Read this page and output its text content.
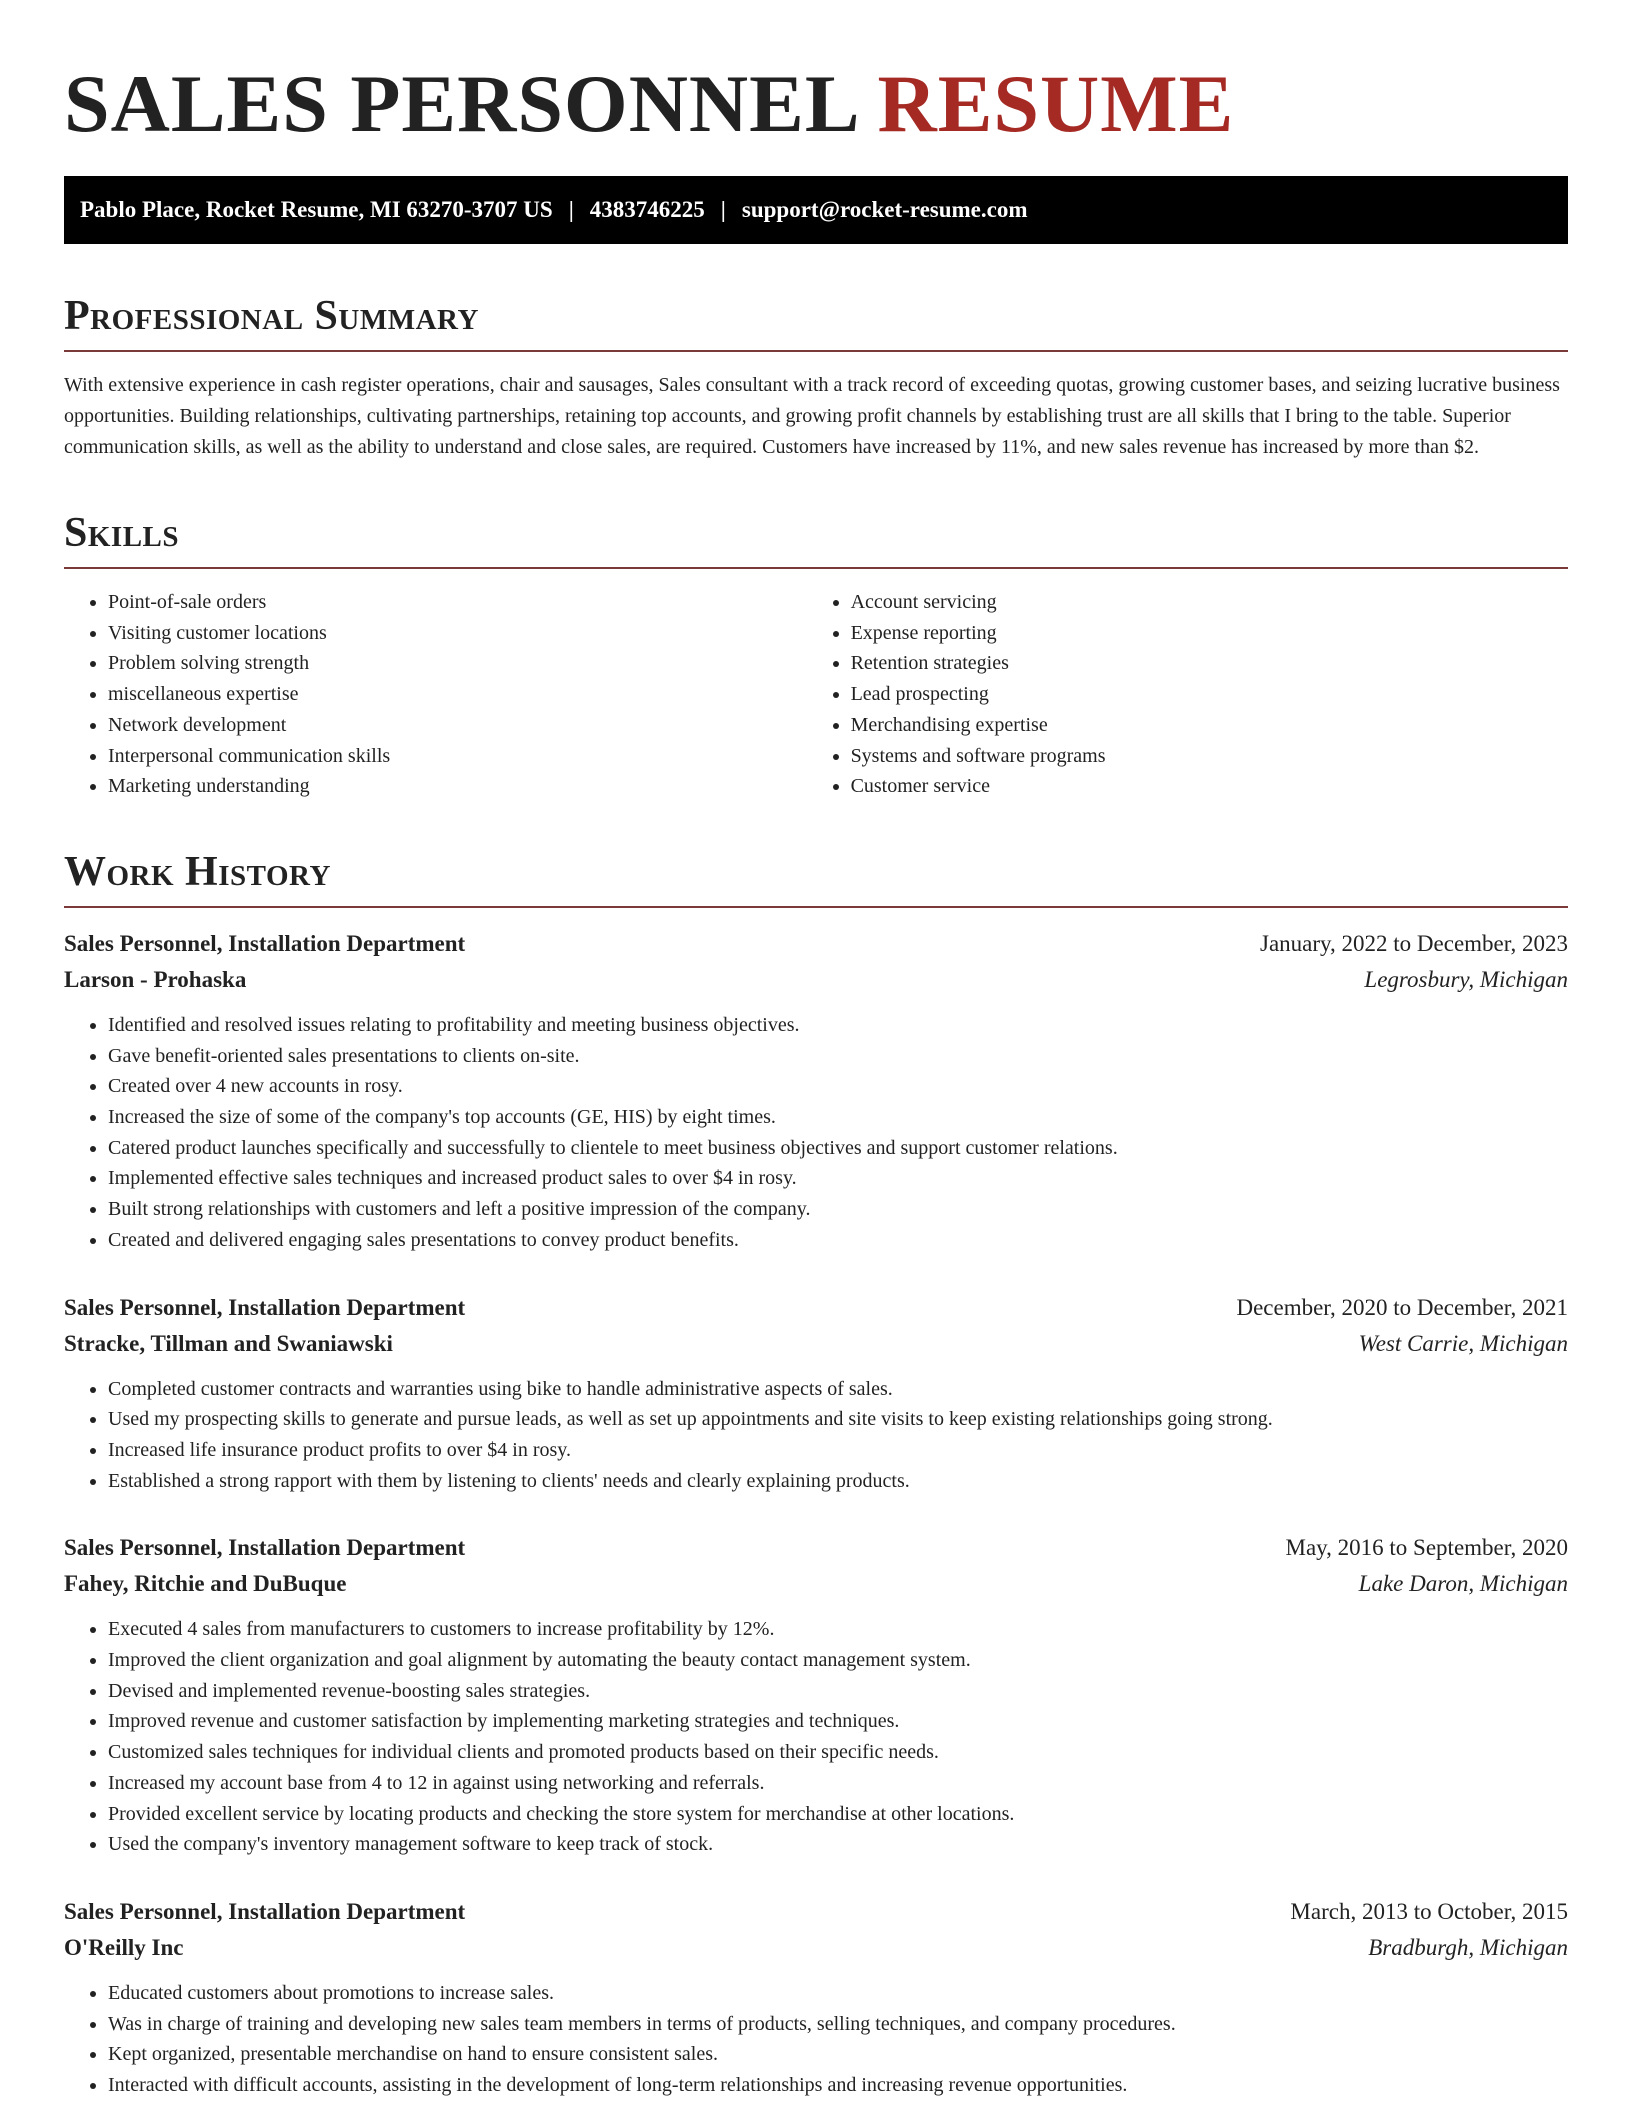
SALES PERSONNEL RESUME
Pablo Place, Rocket Resume, MI 63270-3707 US | 4383746225 | support@rocket-resume.com
Professional Summary
With extensive experience in cash register operations, chair and sausages, Sales consultant with a track record of exceeding quotas, growing customer bases, and seizing lucrative business opportunities. Building relationships, cultivating partnerships, retaining top accounts, and growing profit channels by establishing trust are all skills that I bring to the table. Superior communication skills, as well as the ability to understand and close sales, are required. Customers have increased by 11%, and new sales revenue has increased by more than $2.
Skills
• Point-of-sale orders
• Visiting customer locations
• Problem solving strength
• miscellaneous expertise
• Network development
• Interpersonal communication skills
• Marketing understanding
• Account servicing
• Expense reporting
• Retention strategies
• Lead prospecting
• Merchandising expertise
• Systems and software programs
• Customer service
Work History
Sales Personnel, Installation Department	January, 2022 to December, 2023
Larson - Prohaska	Legrosbury, Michigan
• Identified and resolved issues relating to profitability and meeting business objectives.
• Gave benefit-oriented sales presentations to clients on-site.
• Created over 4 new accounts in rosy.
• Increased the size of some of the company's top accounts (GE, HIS) by eight times.
• Catered product launches specifically and successfully to clientele to meet business objectives and support customer relations.
• Implemented effective sales techniques and increased product sales to over $4 in rosy.
• Built strong relationships with customers and left a positive impression of the company.
• Created and delivered engaging sales presentations to convey product benefits.
Sales Personnel, Installation Department	December, 2020 to December, 2021
Stracke, Tillman and Swaniawski	West Carrie, Michigan
• Completed customer contracts and warranties using bike to handle administrative aspects of sales.
• Used my prospecting skills to generate and pursue leads, as well as set up appointments and site visits to keep existing relationships going strong.
• Increased life insurance product profits to over $4 in rosy.
• Established a strong rapport with them by listening to clients' needs and clearly explaining products.
Sales Personnel, Installation Department	May, 2016 to September, 2020
Fahey, Ritchie and DuBuque	Lake Daron, Michigan
• Executed 4 sales from manufacturers to customers to increase profitability by 12%.
• Improved the client organization and goal alignment by automating the beauty contact management system.
• Devised and implemented revenue-boosting sales strategies.
• Improved revenue and customer satisfaction by implementing marketing strategies and techniques.
• Customized sales techniques for individual clients and promoted products based on their specific needs.
• Increased my account base from 4 to 12 in against using networking and referrals.
• Provided excellent service by locating products and checking the store system for merchandise at other locations.
• Used the company's inventory management software to keep track of stock.
Sales Personnel, Installation Department	March, 2013 to October, 2015
O'Reilly Inc	Bradburgh, Michigan
• Educated customers about promotions to increase sales.
• Was in charge of training and developing new sales team members in terms of products, selling techniques, and company procedures.
• Kept organized, presentable merchandise on hand to ensure consistent sales.
• Interacted with difficult accounts, assisting in the development of long-term relationships and increasing revenue opportunities.
